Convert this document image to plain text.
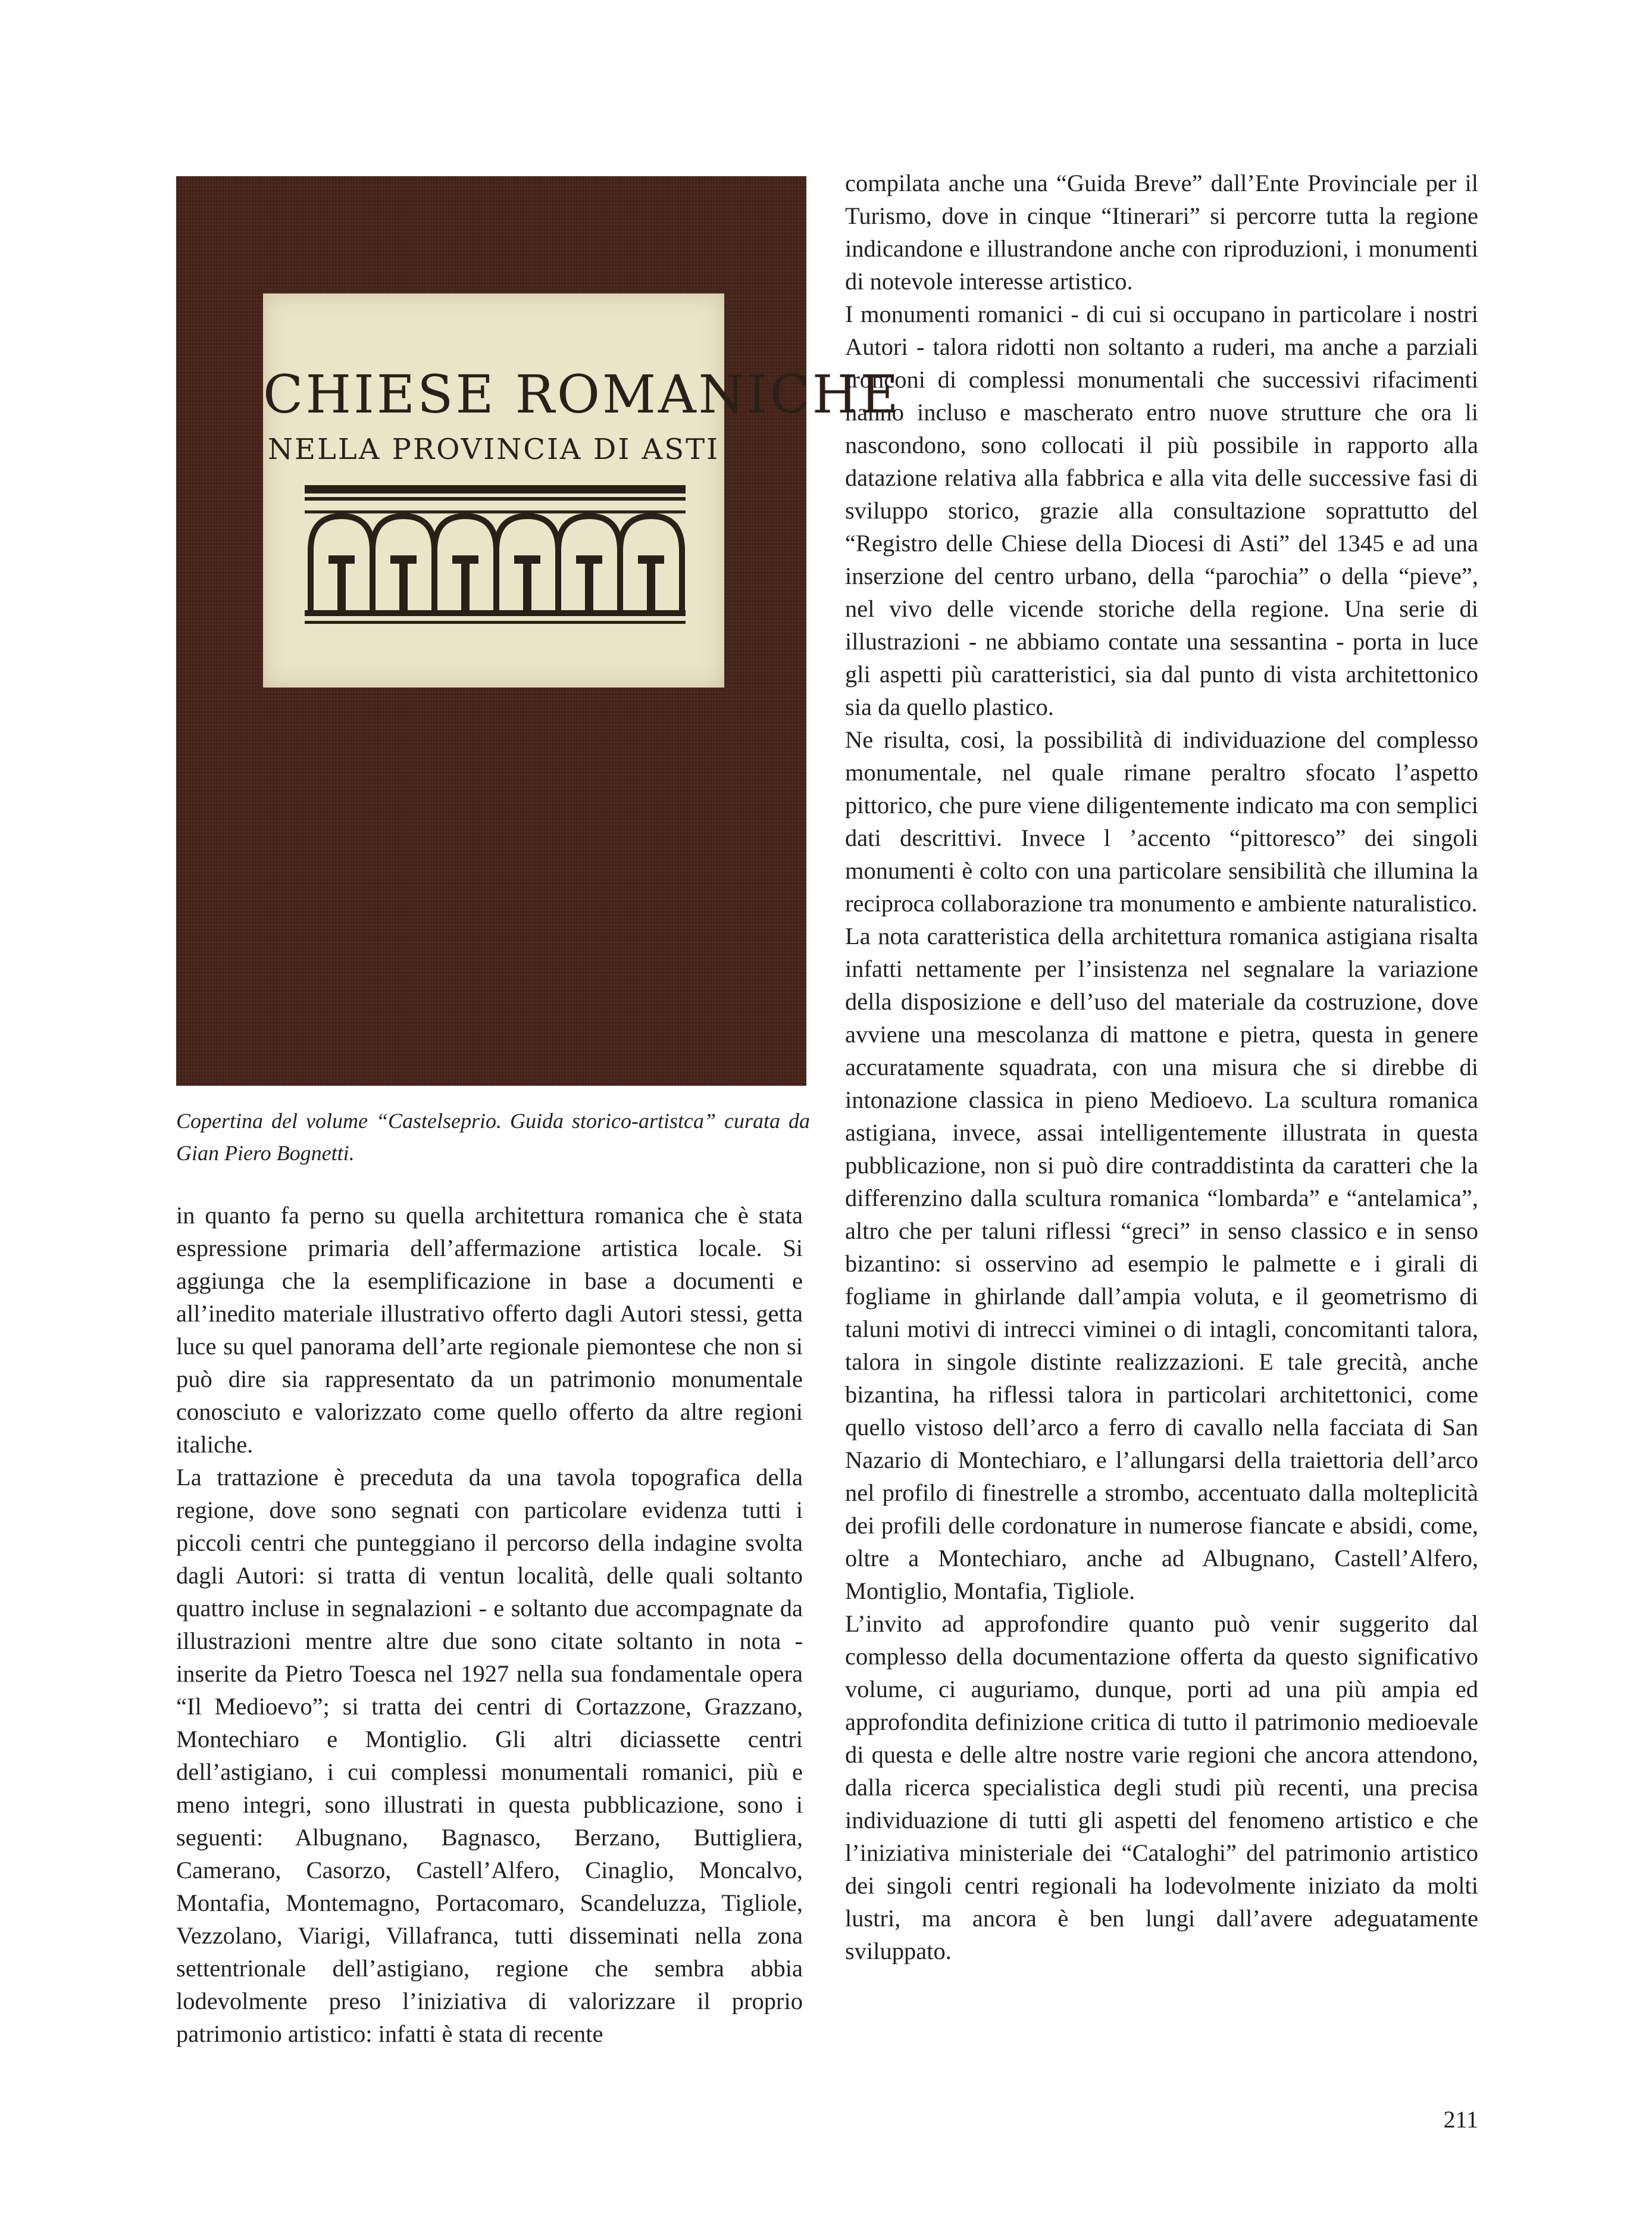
CHIESE ROMANICHE
NELLA PROVINCIA DI ASTI

Copertina del volume “Castelseprio. Guida storico-artistca” curata da Gian Piero Bognetti.

in quanto fa perno su quella architettura romanica che è stata espressione primaria dell’affermazione artistica locale. Si aggiunga che la esemplificazione in base a documenti e all’inedito materiale illustrativo offerto dagli Autori stessi, getta luce su quel panorama dell’arte regionale piemontese che non si può dire sia rappresentato da un patrimonio monumentale conosciuto e valorizzato come quello offerto da altre regioni italiche.

La trattazione è preceduta da una tavola topografica della regione, dove sono segnati con particolare evidenza tutti i piccoli centri che punteggiano il percorso della indagine svolta dagli Autori: si tratta di ventun località, delle quali soltanto quattro incluse in segnalazioni - e soltanto due accompagnate da illustrazioni mentre altre due sono citate soltanto in nota - inserite da Pietro Toesca nel 1927 nella sua fondamentale opera “Il Medioevo”; si tratta dei centri di Cortazzone, Grazzano, Montechiaro e Montiglio. Gli altri diciassette centri dell’astigiano, i cui complessi monumentali romanici, più e meno integri, sono illustrati in questa pubblicazione, sono i seguenti: Albugnano, Bagnasco, Berzano, Buttigliera, Camerano, Casorzo, Castell’Alfero, Cinaglio, Moncalvo, Montafia, Montemagno, Portacomaro, Scandeluzza, Tigliole, Vezzolano, Viarigi, Villafranca, tutti disseminati nella zona settentrionale dell’astigiano, regione che sembra abbia lodevolmente preso l’iniziativa di valorizzare il proprio patrimonio artistico: infatti è stata di recente

compilata anche una “Guida Breve” dall’Ente Provinciale per il Turismo, dove in cinque “Itinerari” si percorre tutta la regione indicandone e illustrandone anche con riproduzioni, i monumenti di notevole interesse artistico.

I monumenti romanici - di cui si occupano in particolare i nostri Autori - talora ridotti non soltanto a ruderi, ma anche a parziali tronconi di complessi monumentali che successivi rifacimenti hanno incluso e mascherato entro nuove strutture che ora li nascondono, sono collocati il più possibile in rapporto alla datazione relativa alla fabbrica e alla vita delle successive fasi di sviluppo storico, grazie alla consultazione soprattutto del “Registro delle Chiese della Diocesi di Asti” del 1345 e ad una inserzione del centro urbano, della “parochia” o della “pieve”, nel vivo delle vicende storiche della regione. Una serie di illustrazioni - ne abbiamo contate una sessantina - porta in luce gli aspetti più caratteristici, sia dal punto di vista architettonico sia da quello plastico.

Ne risulta, cosi, la possibilità di individuazione del complesso monumentale, nel quale rimane peraltro sfocato l’aspetto pittorico, che pure viene diligentemente indicato ma con semplici dati descrittivi. Invece l ’accento “pittoresco” dei singoli monumenti è colto con una particolare sensibilità che illumina la reciproca collaborazione tra monumento e ambiente naturalistico.

La nota caratteristica della architettura romanica astigiana risalta infatti nettamente per l’insistenza nel segnalare la variazione della disposizione e dell’uso del materiale da costruzione, dove avviene una mescolanza di mattone e pietra, questa in genere accuratamente squadrata, con una misura che si direbbe di intonazione classica in pieno Medioevo. La scultura romanica astigiana, invece, assai intelligentemente illustrata in questa pubblicazione, non si può dire contraddistinta da caratteri che la differenzino dalla scultura romanica “lombarda” e “antelamica”, altro che per taluni riflessi “greci” in senso classico e in senso bizantino: si osservino ad esempio le palmette e i girali di fogliame in ghirlande dall’ampia voluta, e il geometrismo di taluni motivi di intrecci viminei o di intagli, concomitanti talora, talora in singole distinte realizzazioni. E tale grecità, anche bizantina, ha riflessi talora in particolari architettonici, come quello vistoso dell’arco a ferro di cavallo nella facciata di San Nazario di Montechiaro, e l’allungarsi della traiettoria dell’arco nel profilo di finestrelle a strombo, accentuato dalla molteplicità dei profili delle cordonature in numerose fiancate e absidi, come, oltre a Montechiaro, anche ad Albugnano, Castell’Alfero, Montiglio, Montafia, Tigliole.

L’invito ad approfondire quanto può venir suggerito dal complesso della documentazione offerta da questo significativo volume, ci auguriamo, dunque, porti ad una più ampia ed approfondita definizione critica di tutto il patrimonio medioevale di questa e delle altre nostre varie regioni che ancora attendono, dalla ricerca specialistica degli studi più recenti, una precisa individuazione di tutti gli aspetti del fenomeno artistico e che l’iniziativa ministeriale dei “Cataloghi” del patrimonio artistico dei singoli centri regionali ha lodevolmente iniziato da molti lustri, ma ancora è ben lungi dall’avere adeguatamente sviluppato.

211
